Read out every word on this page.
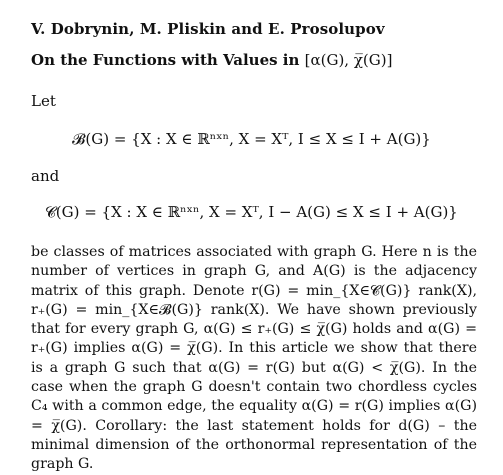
V. Dobrynin, M. Pliskin and E. Prosolupov
On the Functions with Values in [α(G), χ̅(G)]
Let
𝓑(G) = {X : X ∈ ℝⁿˣⁿ, X = Xᵀ, I ≤ X ≤ I + A(G)}
and
𝓒(G) = {X : X ∈ ℝⁿˣⁿ, X = Xᵀ, I − A(G) ≤ X ≤ I + A(G)}
be classes of matrices associated with graph G. Here n is the number of vertices in graph G, and A(G) is the adjacency matrix of this graph. Denote r(G) = min_{X∈𝓒(G)} rank(X), r₊(G) = min_{X∈𝓑(G)} rank(X). We have shown previously that for every graph G, α(G) ≤ r₊(G) ≤ χ̅(G) holds and α(G) = r₊(G) implies α(G) = χ̅(G). In this article we show that there is a graph G such that α(G) = r(G) but α(G) < χ̅(G). In the case when the graph G doesn't contain two chordless cycles C₄ with a common edge, the equality α(G) = r(G) implies α(G) = χ̅(G). Corollary: the last statement holds for d(G) – the minimal dimension of the orthonormal representation of the graph G.
